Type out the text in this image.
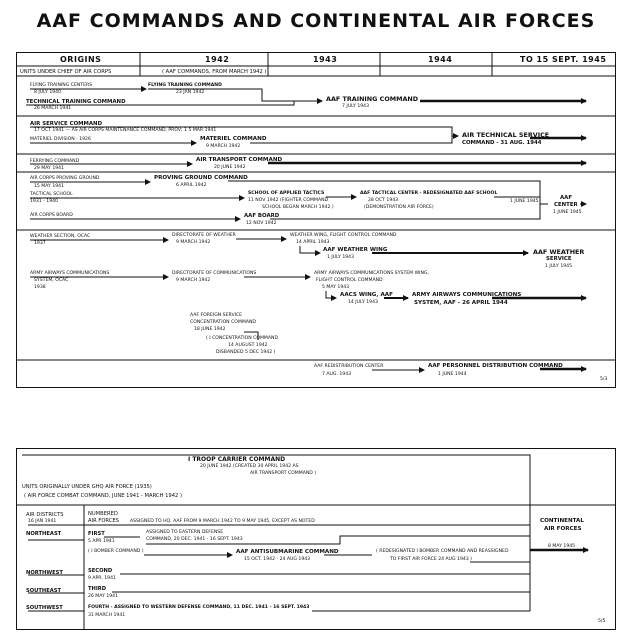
AAF COMMANDS AND CONTINENTAL AIR FORCES
ORIGINS	1942	1943	1944	TO 15 SEPT. 1945
UNITS UNDER CHIEF OF AIR CORPS	( AAF COMMANDS, FROM MARCH 1942 )
FLYING TRAINING CENTERS
8 JULY 1940
FLYING TRAINING COMMAND
23 JAN 1942
TECHNICAL TRAINING COMMAND
26 MARCH 1941
AAF TRAINING COMMAND
7 JULY 1943
AIR SERVICE COMMAND
17 OCT 1941 — AS AIR CORPS MAINTENANCE COMMAND, PROV; 1 5 MAR 1941
MATERIEL DIVISION - 1926	MATERIEL COMMAND
9 MARCH 1942
AIR TECHNICAL SERVICE
COMMAND - 31 AUG. 1944
FERRYING COMMAND
29 MAY 1941
AIR TRANSPORT COMMAND
20 JUNE 1942
AIR CORPS PROVING GROUND
15 MAY 1941
PROVING GROUND COMMAND
6 APRIL 1942
TACTICAL SCHOOL
1931 - 1940
SCHOOL OF APPLIED TACTICS
11 NOV 1942 (FIGHTER COMMAND
SCHOOL BEGAN MARCH 1942 )
AAF TACTICAL CENTER - REDESIGNATED AAF SCHOOL
28 OCT 1943
(DEMONSTRATION AIR FORCE)
1 JUNE 1945
AAF
CENTER
1 JUNE 1945
AIR CORPS BOARD	AAF BOARD
12 NOV 1942
WEATHER SECTION, OCAC
1937
DIRECTORATE OF WEATHER
9 MARCH 1942
WEATHER WING, FLIGHT CONTROL COMMAND
14 APRIL 1943
AAF WEATHER WING
1 JULY 1943
AAF WEATHER
SERVICE
1 JULY 1945
ARMY AIRWAYS COMMUNICATIONS
SYSTEM, OCAC
1938
DIRECTORATE OF COMMUNICATIONS
9 MARCH 1942
ARMY AIRWAYS COMMUNICATIONS SYSTEM WING,
FLIGHT CONTROL COMMAND
5 MAY 1943
AACS WING, AAF
14 JULY 1943
ARMY AIRWAYS COMMUNICATIONS
SYSTEM, AAF - 26 APRIL 1944
AAF FOREIGN SERVICE
CONCENTRATION COMMAND
18 JUNE 1942
( I CONCENTRATION COMMAND
14 AUGUST 1942
DISBANDED 5 DEC 1942 )
AAF REDISTRIBUTION CENTER
7 AUG. 1943
AAF PERSONNEL DISTRIBUTION COMMAND
1 JUNE 1944
5/3
I TROOP CARRIER COMMAND
20 JUNE 1942 (CREATED 30 APRIL 1942 AS
AIR TRANSPORT COMMAND )
UNITS ORIGINALLY UNDER GHQ AIR FORCE (1935)
( AIR FORCE COMBAT COMMAND, JUNE 1941 - MARCH 1942 )
AIR DISTRICTS
16 JAN 1941
NUMBERED
AIR FORCES ASSIGNED TO HQ. AAF FROM 9 MARCH 1942 TO 9 MAY 1945, EXCEPT AS NOTED
NORTHEAST	FIRST
5 APR 1941
ASSIGNED TO EASTERN DEFENSE
COMMAND, 20 DEC. 1941 - 16 SEPT. 1943
( I BOMBER COMMAND )	AAF ANTISUBMARINE COMMAND
15 OCT. 1942 - 24 AUG 1943
( REDESIGNATED I BOMBER COMMAND AND REASSIGNED
TO FIRST AIR FORCE 24 AUG 1943 )
CONTINENTAL
AIR FORCES
8 MAY 1945
NORTHWEST	SECOND
9 APR. 1941
SOUTHEAST	THIRD
26 MAY 1941
SOUTHWEST	FOURTH - ASSIGNED TO WESTERN DEFENSE COMMAND, 11 DEC. 1941 - 16 SEPT. 1943
31 MARCH 1941
5/5
